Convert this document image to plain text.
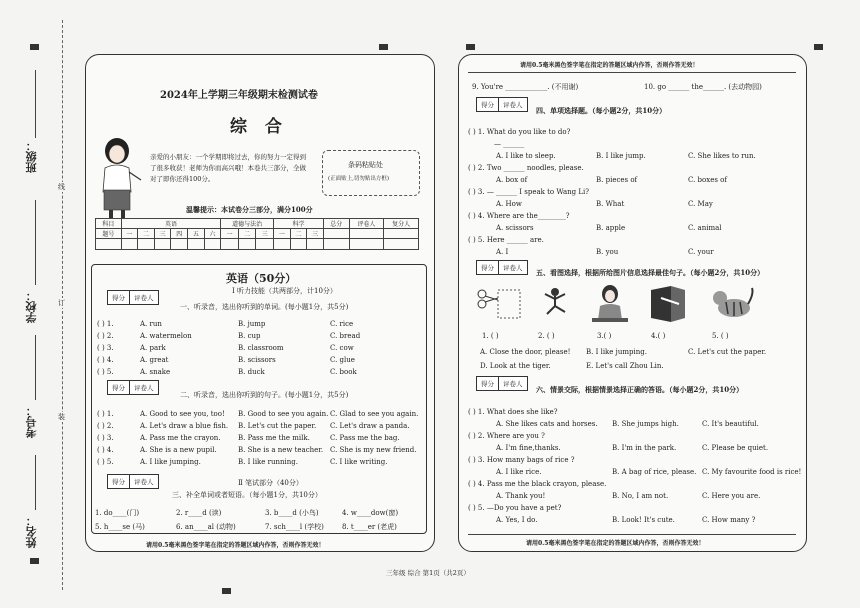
班级：
学校：
考号：
姓名：
线
订
装
2024年上学期三年级期末检测试卷
综 合
亲爱的小朋友：一个学期即将过去，你的努力一定得到了很多收获！老师为你而高兴哦！本卷共三部分，全做对了即你还得100分。
条码粘贴处
(正面贴上,切勿贴出方框)
温馨提示：本试卷分三部分，满分100分
科目	英语						道德与法治			科学			总分	评卷人	复分人
题号	一	二	三	四	五	六	一	二	三	一	二	三			

英语（50分）
Ⅰ 听力技能（共两部分，计10分）
得分	评卷人
一、听录音，选出你听到的单词。(每小题1分，共5分)
( ) 1.	A. run	B. jump	C. rice
( ) 2.	A. watermelon	B. cup	C. bread
( ) 3.	A. park	B. classroom	C. cow
( ) 4.	A. great	B. scissors	C. glue
( ) 5.	A. snake	B. duck	C. book
得分	评卷人
二、听录音，选出你听到的句子。(每小题1分，共5分)
( ) 1.	A. Good to see you, too! B. Good to see you again. C. Glad to see you again.
( ) 2.	A. Let's draw a blue fish. B. Let's cut the paper. C. Let's draw a panda.
( ) 3.	A. Pass me the crayon. B. Pass me the milk.	C. Pass me the bag.
( ) 4.	A. She is a new pupil.	B. She is a new teacher. C. She is my new friend.
( ) 5.	A. I like jumping.	B. I like running.	C. I like writing.
Ⅱ 笔试部分（40分）
得分	评卷人
三、补全单词或者短语。（每小题1分，共10分）
1. do____(门)	2. r____d (读)	3. b____d (小鸟)	4. w____dow(窗)
5. h____se (马)	6. an____al (动物)	7. sch____l (学校)	8. t____er (老虎)
请用0.5毫米黑色签字笔在指定的答题区域内作答，否则作答无效！
请用0.5毫米黑色签字笔在指定的答题区域内作答，否则作答无效！
9. You're ____________. (不用谢)	10. go ______ the______. (去动物园)
得分	评卷人
四、单项选择题。（每小题2分，共10分）
( ) 1. What do you like to do?
— ______
A. I like to sleep.	B. I like jump.	C. She likes to run.
( ) 2. Two ______ noodles, please.
A. box of	B. pieces of	C. boxes of
( ) 3. — ______ I speak to Wang Li?
A. How	B. What	C. May
( ) 4. Where are the________?
A. scissors	B. apple	C. animal
( ) 5. Here ______ are.
A. I	B. you	C. your
得分	评卷人	五、看图选择，根据所给图片信息选择最佳句子。（每小题2分，共10分）
1. ( )	2. ( )	3.( )	4.( )	5. ( )
A. Close the door, please! B. I like jumping.	C. Let's cut the paper.
D. Look at the tiger.	E. Let's call Zhou Lin.
得分	评卷人
六、情景交际，根据情景选择正确的答语。（每小题2分，共10分）
( ) 1. What does she like?
A. She likes cats and horses. B. She jumps high.	C. It's beautiful.
( ) 2. Where are you ?
A. I'm fine,thanks.	B. I'm in the park.	C. Please be quiet.
( ) 3. How many bags of rice ?
A. I like rice.	B. A bag of rice, please. C. My favourite food is rice!
( ) 4. Pass me the black crayon, please.
A. Thank you!	B. No, I am not.	C. Here you are.
( ) 5. —Do you have a pet?
A. Yes, I do.	B. Look! It's cute.	C. How many ?
请用0.5毫米黑色签字笔在指定的答题区域内作答，否则作答无效！
三年级 综合 第1页（共2页）
